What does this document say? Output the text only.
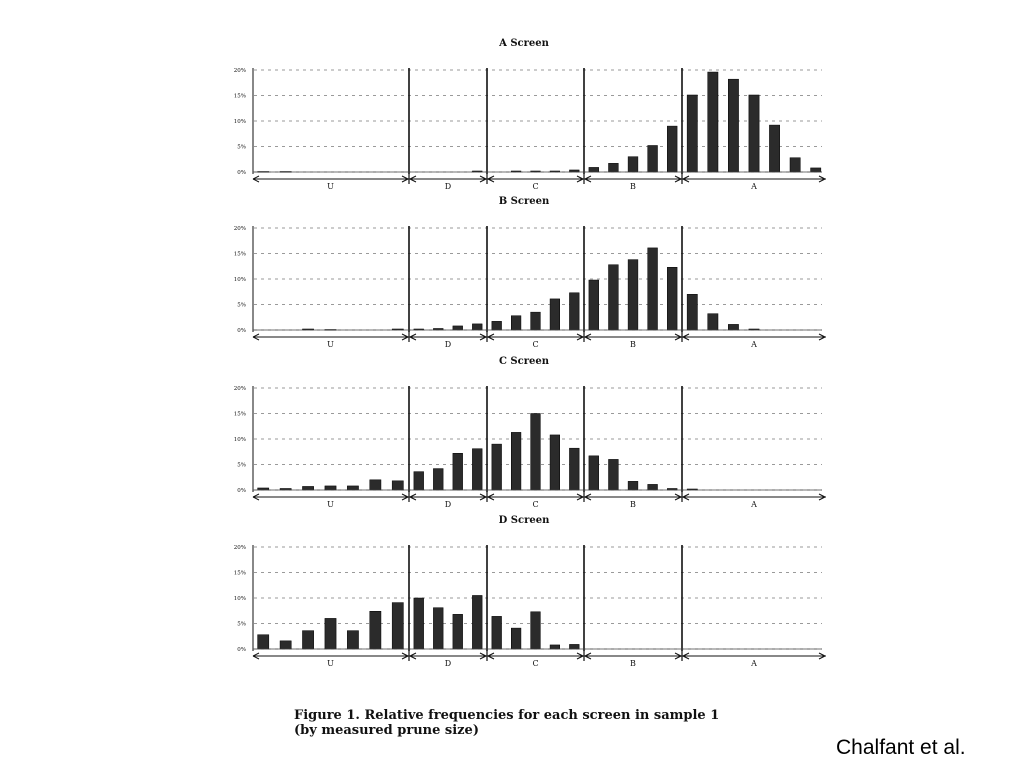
A Screen
0%
5%
10%
15%
20%
U	D	C	B	A
B Screen
0%
5%
10%
15%
20%
U	D	C	B	A
C Screen
0%
5%
10%
15%
20%
U	D	C	B	A
D Screen
0%
5%
10%
15%
20%
U	D	C	B	A
Figure 1. Relative frequencies for each screen in sample 1
(by measured prune size)
Chalfant et al.
